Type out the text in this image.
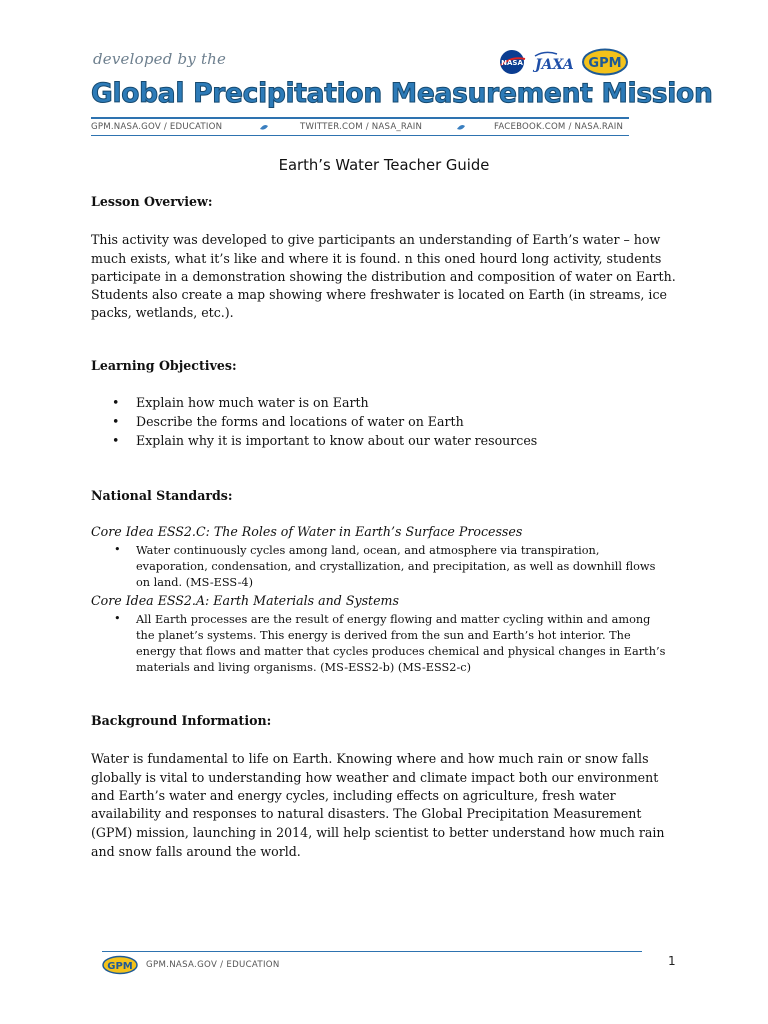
developed by the	NASA JAXA GPM
Global Precipitation Measurement Mission
GPM.NASA.GOV / EDUCATION	TWITTER.COM / NASA_RAIN	FACEBOOK.COM / NASA.RAIN
Earth’s Water Teacher Guide
Lesson Overview:
This activity was developed to give participants an understanding of Earth’s water – how
much exists, what it’s like and where it is found. n this oned hourd long activity, students
participate in a demonstration showing the distribution and composition of water on Earth.
Students also create a map showing where freshwater is located on Earth (in streams, ice
packs, wetlands, etc.).
Learning Objectives:
• Explain how much water is on Earth
• Describe the forms and locations of water on Earth
• Explain why it is important to know about our water resources
National Standards:
Core Idea ESS2.C: The Roles of Water in Earth’s Surface Processes
• Water continuously cycles among land, ocean, and atmosphere via transpiration,
evaporation, condensation, and crystallization, and precipitation, as well as downhill flows
on land. (MS-ESS-4)
Core Idea ESS2.A: Earth Materials and Systems
• All Earth processes are the result of energy flowing and matter cycling within and among
the planet’s systems. This energy is derived from the sun and Earth’s hot interior. The
energy that flows and matter that cycles produces chemical and physical changes in Earth’s
materials and living organisms. (MS-ESS2-b) (MS-ESS2-c)
Background Information:
Water is fundamental to life on Earth. Knowing where and how much rain or snow falls
globally is vital to understanding how weather and climate impact both our environment
and Earth’s water and energy cycles, including effects on agriculture, fresh water
availability and responses to natural disasters. The Global Precipitation Measurement
(GPM) mission, launching in 2014, will help scientist to better understand how much rain
and snow falls around the world.
GPM GPM.NASA.GOV / EDUCATION	1
